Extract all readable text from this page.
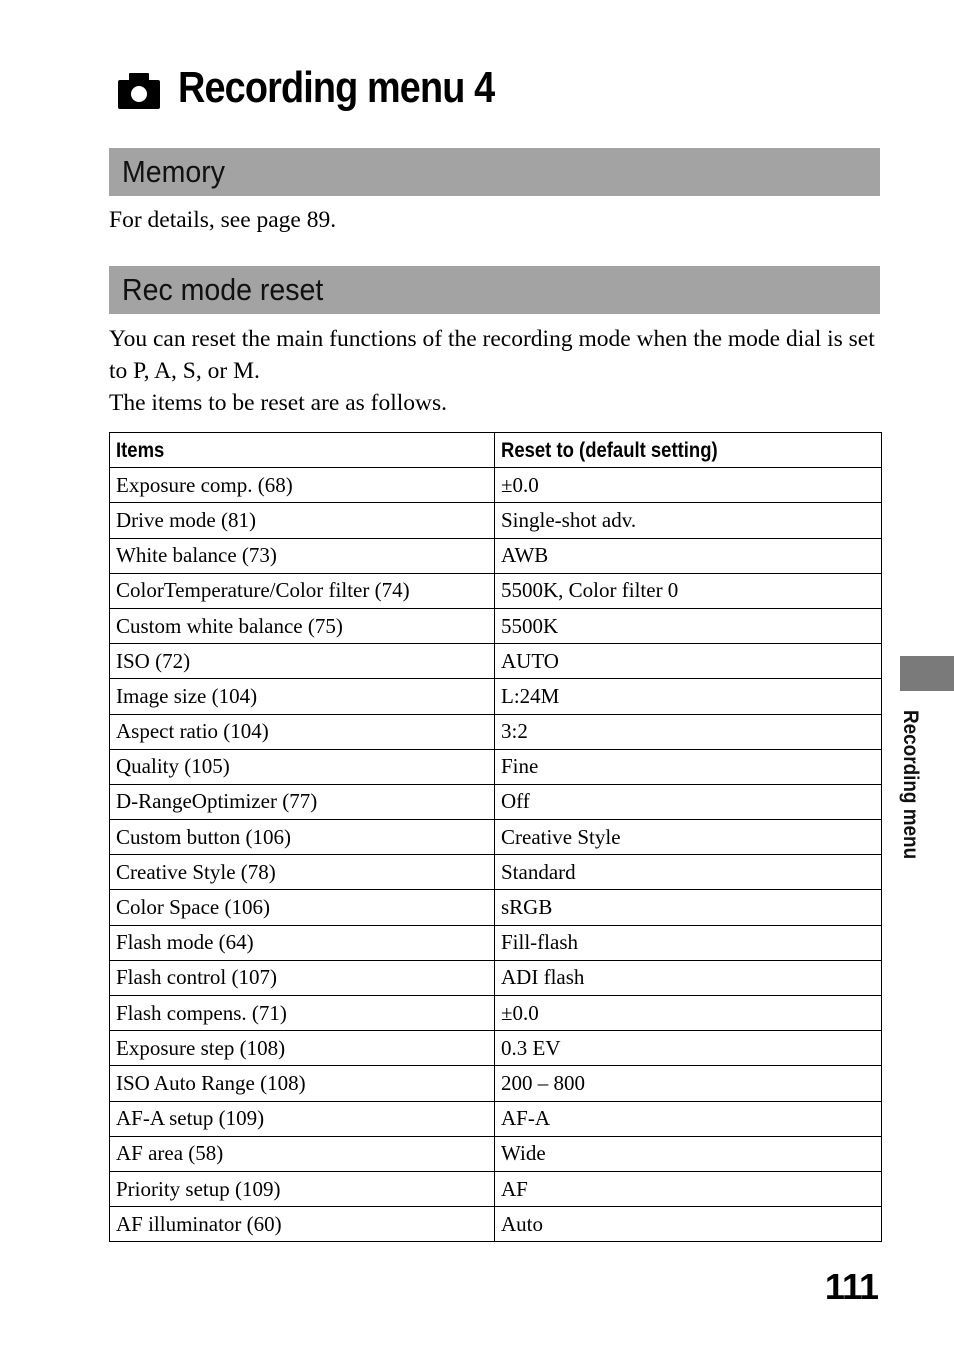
Recording menu 4
Memory

For details, see page 89.

Rec mode reset

You can reset the main functions of the recording mode when the mode dial is set to P, A, S, or M.

The items to be reset are as follows.

Items	Reset to (default setting)
Exposure comp. (68)	±0.0
Drive mode (81)	Single-shot adv.
White balance (73)	AWB
ColorTemperature/Color filter (74)	5500K, Color filter 0
Custom white balance (75)	5500K
ISO (72)	AUTO
Image size (104)	L:24M
Aspect ratio (104)	3:2
Quality (105)	Fine
D-RangeOptimizer (77)	Off
Custom button (106)	Creative Style
Creative Style (78)	Standard
Color Space (106)	sRGB
Flash mode (64)	Fill-flash
Flash control (107)	ADI flash
Flash compens. (71)	±0.0
Exposure step (108)	0.3 EV
ISO Auto Range (108)	200 – 800
AF-A setup (109)	AF-A
AF area (58)	Wide
Priority setup (109)	AF
AF illuminator (60)	Auto
Recording menu
111
